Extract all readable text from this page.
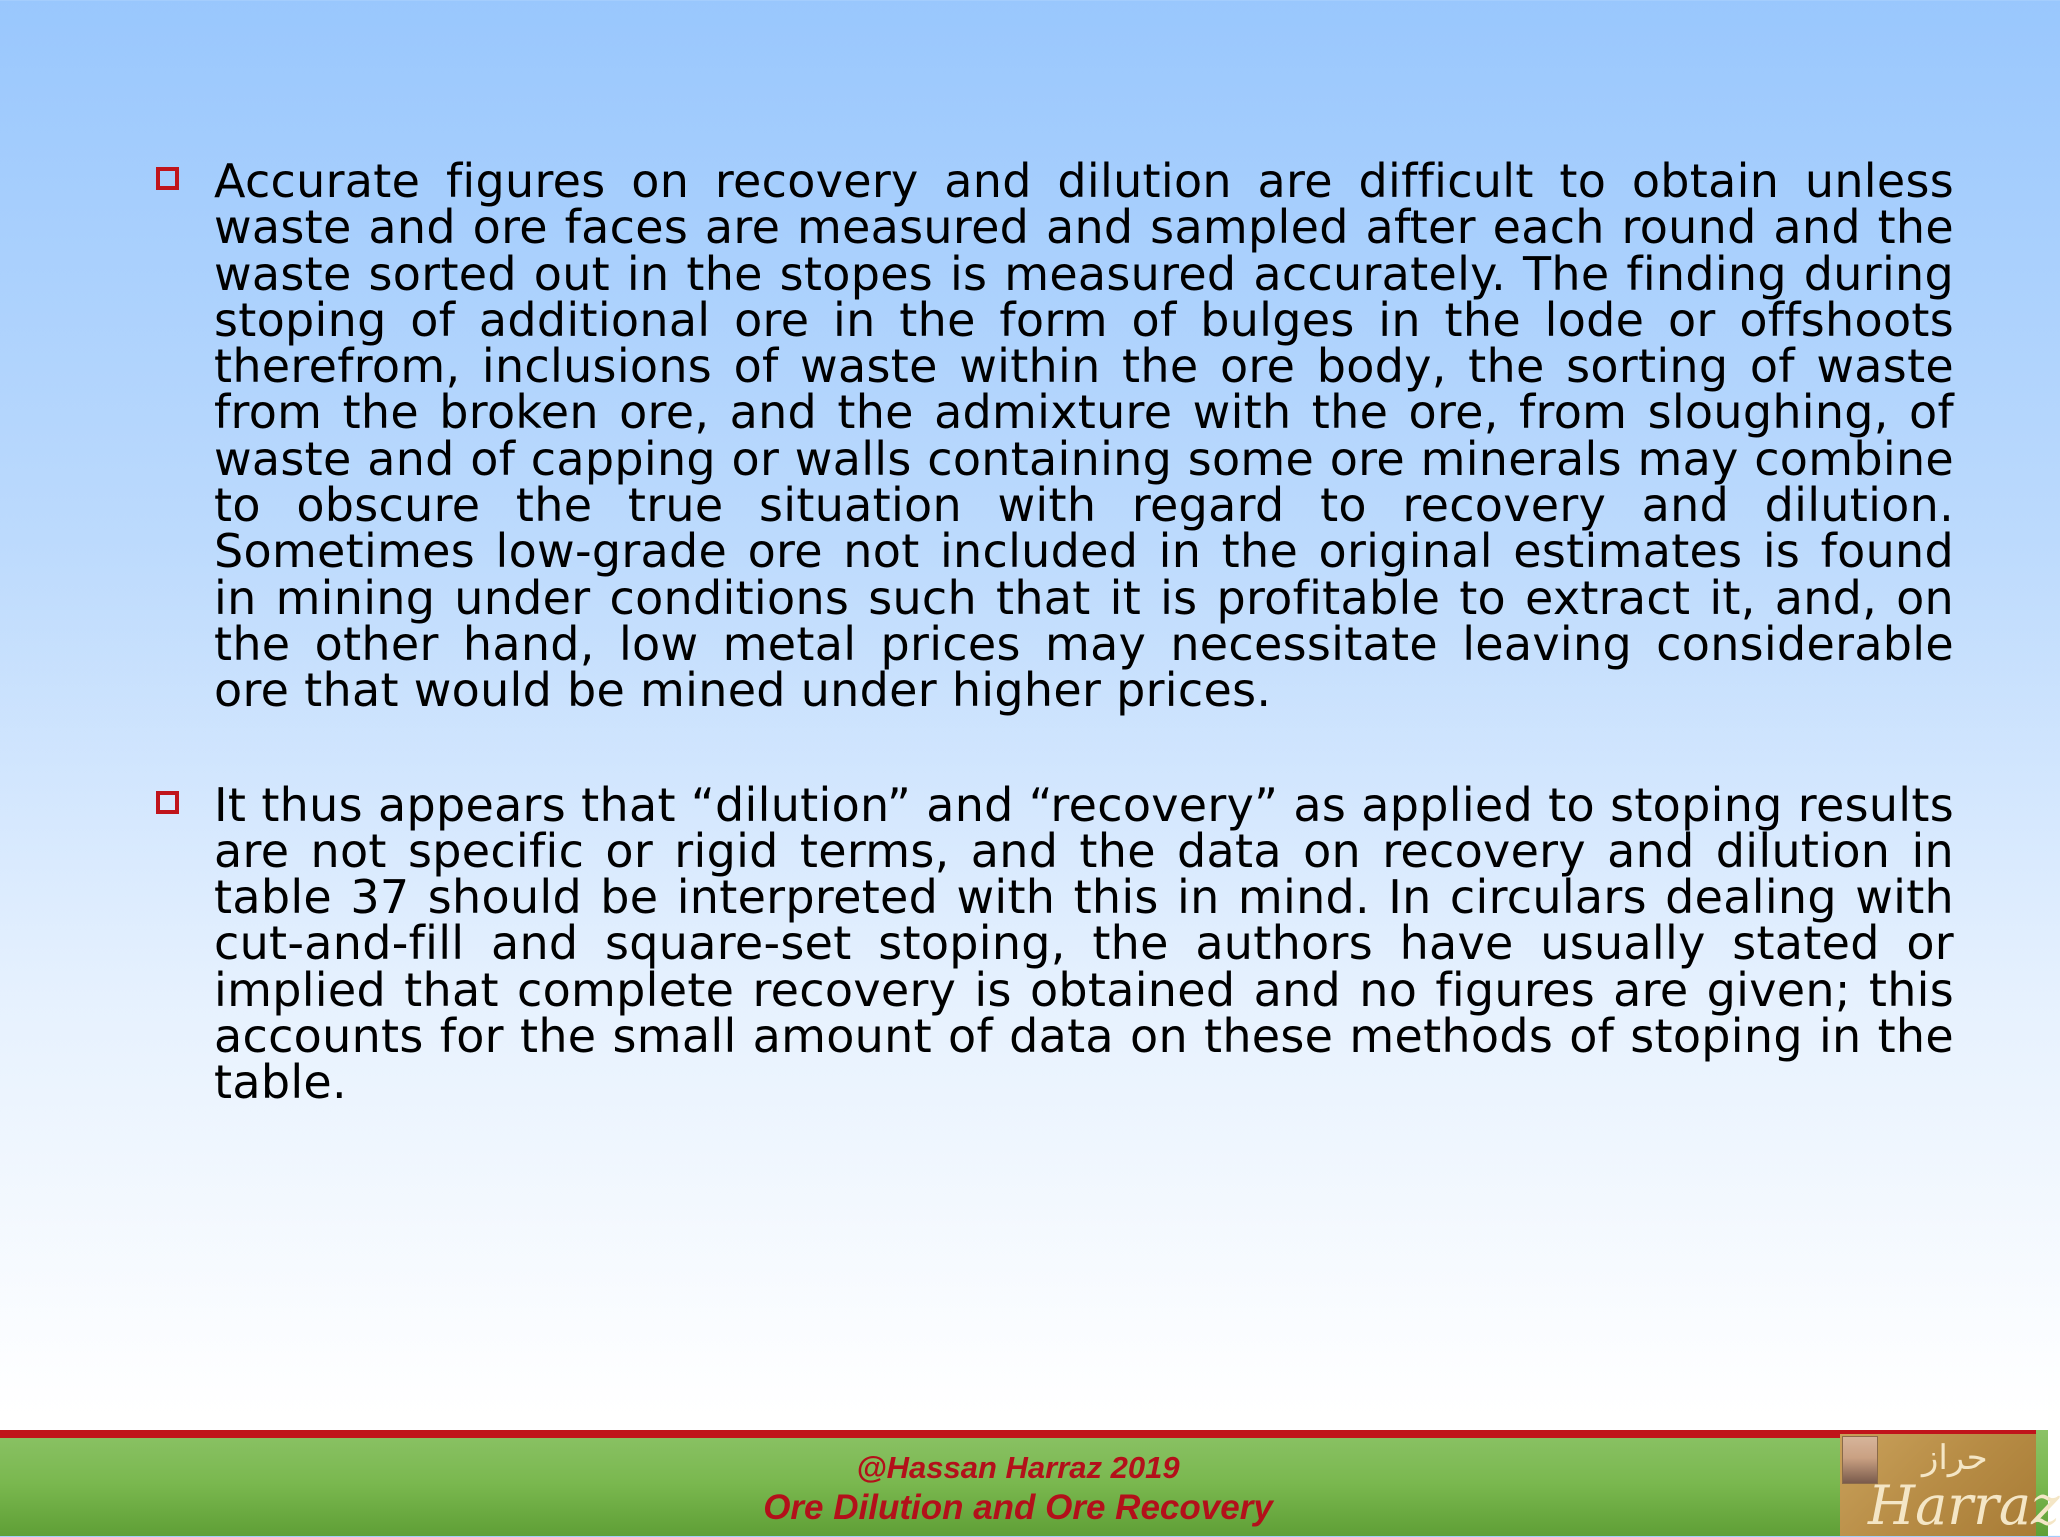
Accurate figures on recovery and dilution are difficult to obtain unless waste and ore faces are measured and sampled after each round and the waste sorted out in the stopes is measured accurately. The finding during stoping of additional ore in the form of bulges in the lode or offshoots therefrom, inclusions of waste within the ore body, the sorting of waste from the broken ore, and the admixture with the ore, from sloughing, of waste and of capping or walls containing some ore minerals may combine to obscure the true situation with regard to recovery and dilution. Sometimes low-grade ore not included in the original estimates is found in mining under conditions such that it is profitable to extract it, and, on the other hand, low metal prices may necessitate leaving considerable ore that would be mined under higher prices.
It thus appears that “dilution” and “recovery” as applied to stoping results are not specific or rigid terms, and the data on recovery and dilution in table 37 should be interpreted with this in mind. In circulars dealing with cut-and-fill and square-set stoping, the authors have usually stated or implied that complete recovery is obtained and no figures are given; this accounts for the small amount of data on these methods of stoping in the table.
@Hassan Harraz 2019
Ore Dilution and Ore Recovery
حراز
Harraz
